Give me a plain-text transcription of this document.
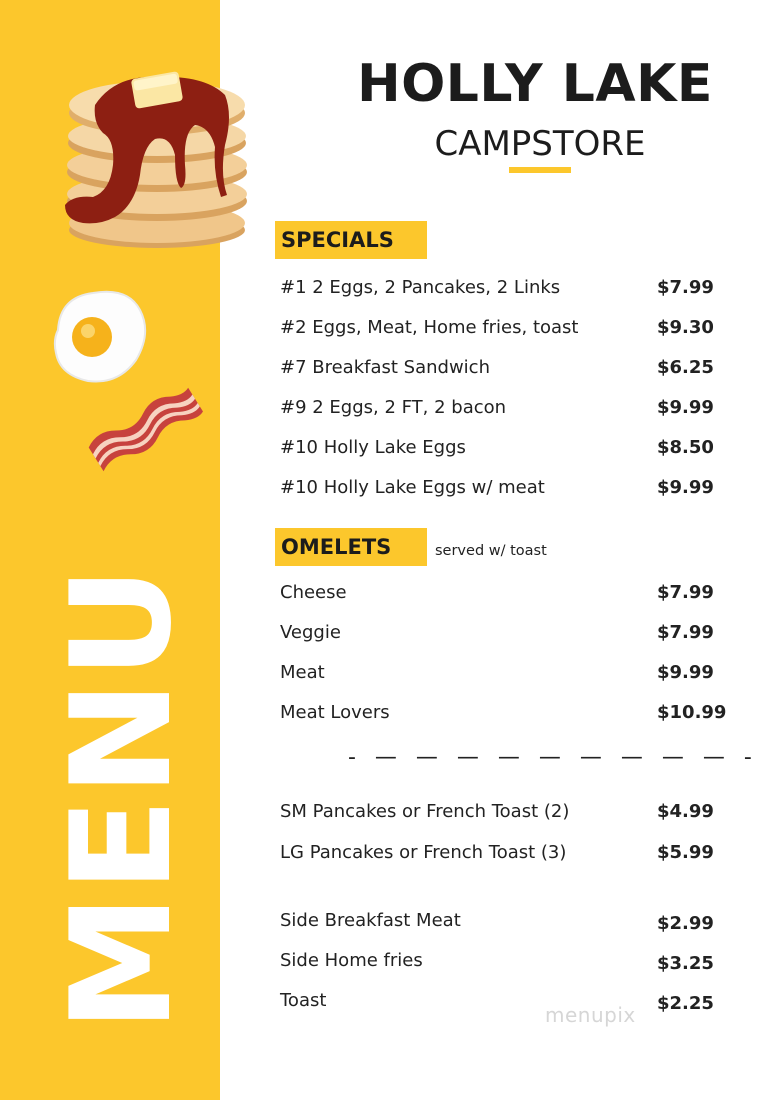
MENU
HOLLY LAKE
CAMPSTORE
SPECIALS
#1 2 Eggs, 2 Pancakes, 2 Links	$7.99
#2 Eggs, Meat, Home fries, toast	$9.30
#7 Breakfast Sandwich	$6.25
#9 2 Eggs, 2 FT, 2 bacon	$9.99
#10 Holly Lake Eggs	$8.50
#10 Holly Lake Eggs w/ meat	$9.99
OMELETS	served w/ toast
Cheese	$7.99
Veggie	$7.99
Meat	$9.99
Meat Lovers	$10.99
- — — — — — — — — — -
SM Pancakes or French Toast (2)	$4.99
LG Pancakes or French Toast (3)	$5.99
Side Breakfast Meat	$2.99
Side Home fries	$3.25
Toast	$2.25
menupix
